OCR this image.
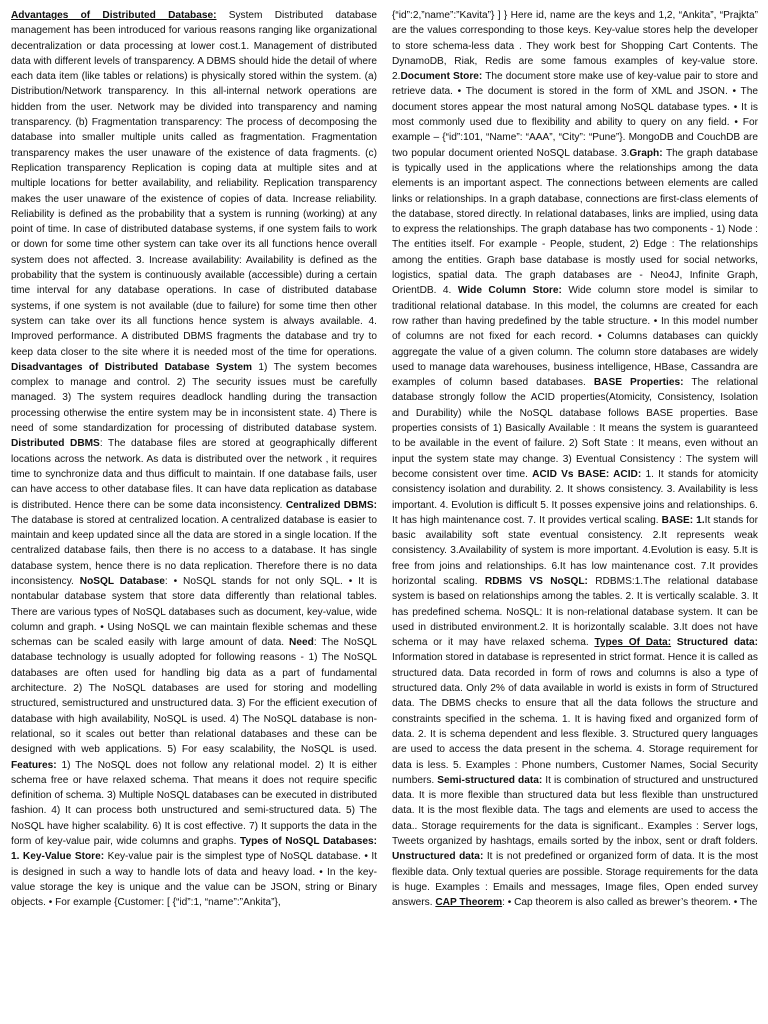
Advantages of Distributed Database: System Distributed database management has been introduced for various reasons ranging like organizational decentralization or data processing at lower cost.1. Management of distributed data with different levels of transparency. A DBMS should hide the detail of where each data item (like tables or relations) is physically stored within the system. (a) Distribution/Network transparency. In this all-internal network operations are hidden from the user. Network may be divided into transparency and naming transparency. (b) Fragmentation transparency: The process of decomposing the database into smaller multiple units called as fragmentation. Fragmentation transparency makes the user unaware of the existence of data fragments. (c) Replication transparency Replication is coping data at multiple sites and at multiple locations for better availability, and reliability. Replication transparency makes the user unaware of the existence of copies of data. Increase reliability. Reliability is defined as the probability that a system is running (working) at any point of time. In case of distributed database systems, if one system fails to work or down for some time other system can take over its all functions hence overall system does not affected. 3. Increase availability: Availability is defined as the probability that the system is continuously available (accessible) during a certain time interval for any database operations. In case of distributed database systems, if one system is not available (due to failure) for some time then other system can take over its all functions hence system is always available. 4. Improved performance. A distributed DBMS fragments the database and try to keep data closer to the site where it is needed most of the time for operations. Disadvantages of Distributed Database System 1) The system becomes complex to manage and control. 2) The security issues must be carefully managed. 3) The system requires deadlock handling during the transaction processing otherwise the entire system may be in inconsistent state. 4) There is need of some standardization for processing of distributed database system. Distributed DBMS: The database files are stored at geographically different locations across the network. As data is distributed over the network , it requires time to synchronize data and thus difficult to maintain. If one database fails, user can have access to other database files. It can have data replication as database is distributed. Hence there can be some data inconsistency. Centralized DBMS: The database is stored at centralized location. A centralized database is easier to maintain and keep updated since all the data are stored in a single location. If the centralized database fails, then there is no access to a database. It has single database system, hence there is no data replication. Therefore there is no data inconsistency. NoSQL Database: • NoSQL stands for not only SQL. • It is nontabular database system that store data differently than relational tables. There are various types of NoSQL databases such as document, key-value, wide column and graph. • Using NoSQL we can maintain flexible schemas and these schemas can be scaled easily with large amount of data. Need: The NoSQL database technology is usually adopted for following reasons - 1) The NoSQL databases are often used for handling big data as a part of fundamental architecture. 2) The NoSQL databases are used for storing and modelling structured, semistructured and unstructured data. 3) For the efficient execution of database with high availability, NoSQL is used. 4) The NoSQL database is non-relational, so it scales out better than relational databases and these can be designed with web applications. 5) For easy scalability, the NoSQL is used. Features: 1) The NoSQL does not follow any relational model. 2) It is either schema free or have relaxed schema. That means it does not require specific definition of schema. 3) Multiple NoSQL databases can be executed in distributed fashion. 4) It can process both unstructured and semi-structured data. 5) The NoSQL have higher scalability. 6) It is cost effective. 7) It supports the data in the form of key-value pair, wide columns and graphs. Types of NoSQL Databases: 1. Key-Value Store: Key-value pair is the simplest type of NoSQL database. • It is designed in such a way to handle lots of data and heavy load. • In the key-value storage the key is unique and the value can be JSON, string or Binary objects. • For example {Customer: [ {“id”:1, “name”:”Ankita”},

{“id”:2,”name”:”Kavita”} ] } Here id, name are the keys and 1,2, “Ankita”, “Prajkta” are the values corresponding to those keys. Key-value stores help the developer to store schema-less data . They work best for Shopping Cart Contents. The DynamoDB, Riak, Redis are some famous examples of key-value store. 2.Document Store: The document store make use of key-value pair to store and retrieve data. • The document is stored in the form of XML and JSON. • The document stores appear the most natural among NoSQL database types. • It is most commonly used due to flexibility and ability to query on any field. • For example – {“id”:101, “Name”: “AAA”, “City”: “Pune”}. MongoDB and CouchDB are two popular document oriented NoSQL database. 3.Graph: The graph database is typically used in the applications where the relationships among the data elements is an important aspect. The connections between elements are called links or relationships. In a graph database, connections are first-class elements of the database, stored directly. In relational databases, links are implied, using data to express the relationships. The graph database has two components - 1) Node : The entities itself. For example - People, student, 2) Edge : The relationships among the entities. Graph base database is mostly used for social networks, logistics, spatial data. The graph databases are - Neo4J, Infinite Graph, OrientDB. 4. Wide Column Store: Wide column store model is similar to traditional relational database. In this model, the columns are created for each row rather than having predefined by the table structure. • In this model number of columns are not fixed for each record. • Columns databases can quickly aggregate the value of a given column. The column store databases are widely used to manage data warehouses, business intelligence, HBase, Cassandra are examples of column based databases. BASE Properties: The relational database strongly follow the ACID properties(Atomicity, Consistency, Isolation and Durability) while the NoSQL database follows BASE properties. Base properties consists of 1) Basically Available : It means the system is guaranteed to be available in the event of failure. 2) Soft State : It means, even without an input the system state may change. 3) Eventual Consistency : The system will become consistent over time. ACID Vs BASE: ACID: 1. It stands for atomicity consistency isolation and durability. 2. It shows consistency. 3. Availability is less important. 4. Evolution is difficult 5. It posses expensive joins and relationships. 6. It has high maintenance cost. 7. It provides vertical scaling. BASE: 1.It stands for basic availability soft state eventual consistency. 2.It represents weak consistency. 3.Availability of system is more important. 4.Evolution is easy. 5.It is free from joins and relationships. 6.It has low maintenance cost. 7.It provides horizontal scaling. RDBMS VS NoSQL: RDBMS:1.The relational database system is based on relationships among the tables. 2. It is vertically scalable. 3. It has predefined schema. NoSQL: It is non-relational database system. It can be used in distributed environment.2. It is horizontally scalable. 3.It does not have schema or it may have relaxed schema. Types Of Data: Structured data: Information stored in database is represented in strict format. Hence it is called as structured data. Data recorded in form of rows and columns is also a type of structured data. Only 2% of data available in world is exists in form of Structured data. The DBMS checks to ensure that all the data follows the structure and constraints specified in the schema. 1. It is having fixed and organized form of data. 2. It is schema dependent and less flexible. 3. Structured query languages are used to access the data present in the schema. 4. Storage requirement for data is less. 5. Examples : Phone numbers, Customer Names, Social Security numbers. Semi-structured data: It is combination of structured and unstructured data. It is more flexible than structured data but less flexible than unstructured data. It is the most flexible data. The tags and elements are used to access the data.. Storage requirements for the data is significant.. Examples : Server logs, Tweets organized by hashtags, emails sorted by the inbox, sent or draft folders. Unstructured data: It is not predefined or organized form of data. It is the most flexible data. Only textual queries are possible. Storage requirements for the data is huge. Examples : Emails and messages, Image files, Open ended survey answers. CAP Theorem: • Cap theorem is also called as brewer’s theorem. • The
